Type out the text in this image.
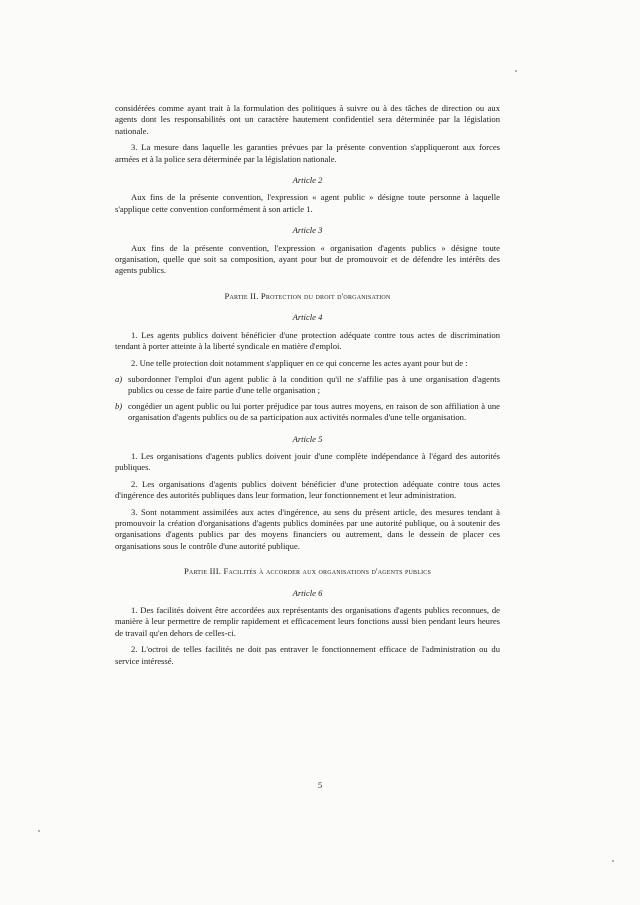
considérées comme ayant trait à la formulation des politiques à suivre ou à des tâches de direction ou aux agents dont les responsabilités ont un caractère hautement confidentiel sera déterminée par la législation nationale.

3. La mesure dans laquelle les garanties prévues par la présente convention s'appliqueront aux forces armées et à la police sera déterminée par la législation nationale.

Article 2

Aux fins de la présente convention, l'expression « agent public » désigne toute personne à laquelle s'applique cette convention conformément à son article 1.

Article 3

Aux fins de la présente convention, l'expression « organisation d'agents publics » désigne toute organisation, quelle que soit sa composition, ayant pour but de promouvoir et de défendre les intérêts des agents publics.

Partie II. Protection du droit d'organisation
Article 4

1. Les agents publics doivent bénéficier d'une protection adéquate contre tous actes de discrimination tendant à porter atteinte à la liberté syndicale en matière d'emploi.

2. Une telle protection doit notamment s'appliquer en ce qui concerne les actes ayant pour but de :

a) subordonner l'emploi d'un agent public à la condition qu'il ne s'affilie pas à une organisation d'agents publics ou cesse de faire partie d'une telle organisation ;
b) congédier un agent public ou lui porter préjudice par tous autres moyens, en raison de son affiliation à une organisation d'agents publics ou de sa participation aux activités normales d'une telle organisation.
Article 5

1. Les organisations d'agents publics doivent jouir d'une complète indépendance à l'égard des autorités publiques.

2. Les organisations d'agents publics doivent bénéficier d'une protection adéquate contre tous actes d'ingérence des autorités publiques dans leur formation, leur fonctionnement et leur administration.

3. Sont notamment assimilées aux actes d'ingérence, au sens du présent article, des mesures tendant à promouvoir la création d'organisations d'agents publics dominées par une autorité publique, ou à soutenir des organisations d'agents publics par des moyens financiers ou autrement, dans le dessein de placer ces organisations sous le contrôle d'une autorité publique.

Partie III. Facilités à accorder aux organisations d'agents publics
Article 6

1. Des facilités doivent être accordées aux représentants des organisations d'agents publics reconnues, de manière à leur permettre de remplir rapidement et efficacement leurs fonctions aussi bien pendant leurs heures de travail qu'en dehors de celles-ci.

2. L'octroi de telles facilités ne doit pas entraver le fonctionnement efficace de l'administration ou du service intéressé.

5
